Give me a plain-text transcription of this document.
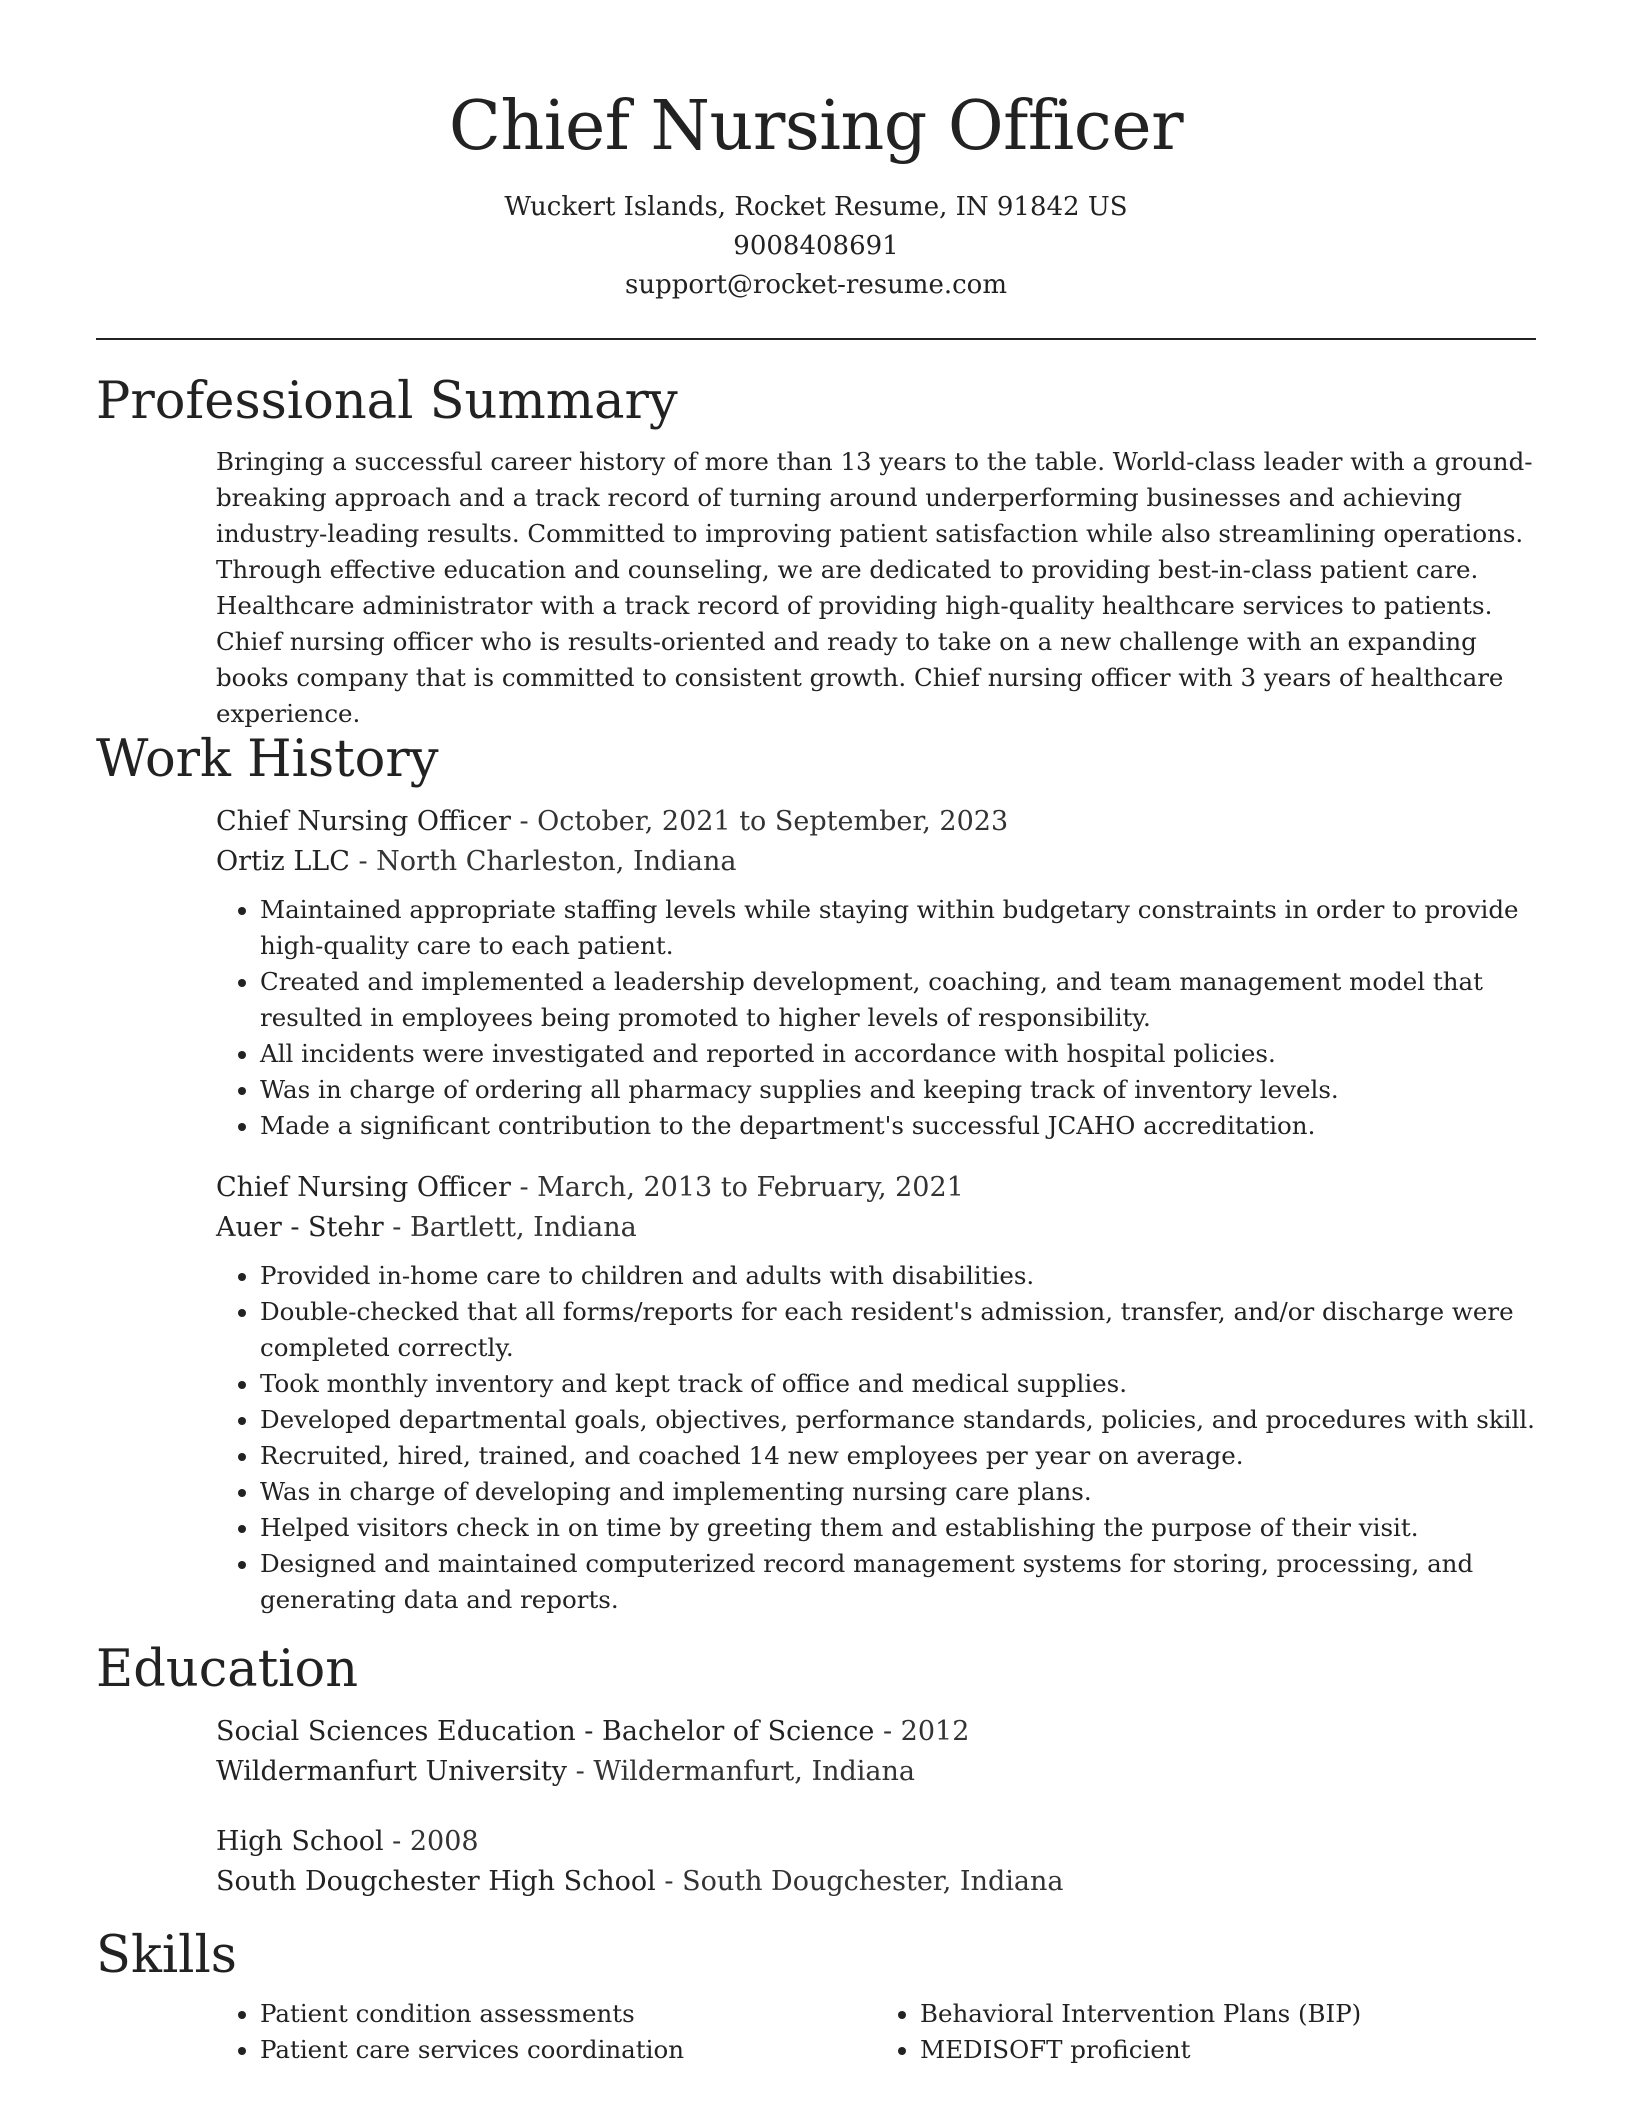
Chief Nursing Officer
Wuckert Islands, Rocket Resume, IN 91842 US
9008408691
support@rocket-resume.com
Professional Summary

Bringing a successful career history of more than 13 years to the table. World-class leader with a ground-breaking approach and a track record of turning around underperforming businesses and achieving industry-leading results. Committed to improving patient satisfaction while also streamlining operations. Through effective education and counseling, we are dedicated to providing best-in-class patient care. Healthcare administrator with a track record of providing high-quality healthcare services to patients. Chief nursing officer who is results-oriented and ready to take on a new challenge with an expanding books company that is committed to consistent growth. Chief nursing officer with 3 years of healthcare experience.

Work History
Chief Nursing Officer - October, 2021 to September, 2023
Ortiz LLC - North Charleston, Indiana
• Maintained appropriate staffing levels while staying within budgetary constraints in order to provide high-quality care to each patient.
• Created and implemented a leadership development, coaching, and team management model that resulted in employees being promoted to higher levels of responsibility.
• All incidents were investigated and reported in accordance with hospital policies.
• Was in charge of ordering all pharmacy supplies and keeping track of inventory levels.
• Made a significant contribution to the department's successful JCAHO accreditation.
Chief Nursing Officer - March, 2013 to February, 2021
Auer - Stehr - Bartlett, Indiana
• Provided in-home care to children and adults with disabilities.
• Double-checked that all forms/reports for each resident's admission, transfer, and/or discharge were completed correctly.
• Took monthly inventory and kept track of office and medical supplies.
• Developed departmental goals, objectives, performance standards, policies, and procedures with skill.
• Recruited, hired, trained, and coached 14 new employees per year on average.
• Was in charge of developing and implementing nursing care plans.
• Helped visitors check in on time by greeting them and establishing the purpose of their visit.
• Designed and maintained computerized record management systems for storing, processing, and generating data and reports.
Education
Social Sciences Education - Bachelor of Science - 2012
Wildermanfurt University - Wildermanfurt, Indiana
High School - 2008
South Dougchester High School - South Dougchester, Indiana
Skills
• Patient condition assessments
• Patient care services coordination
• Behavioral Intervention Plans (BIP)
• MEDISOFT proficient
